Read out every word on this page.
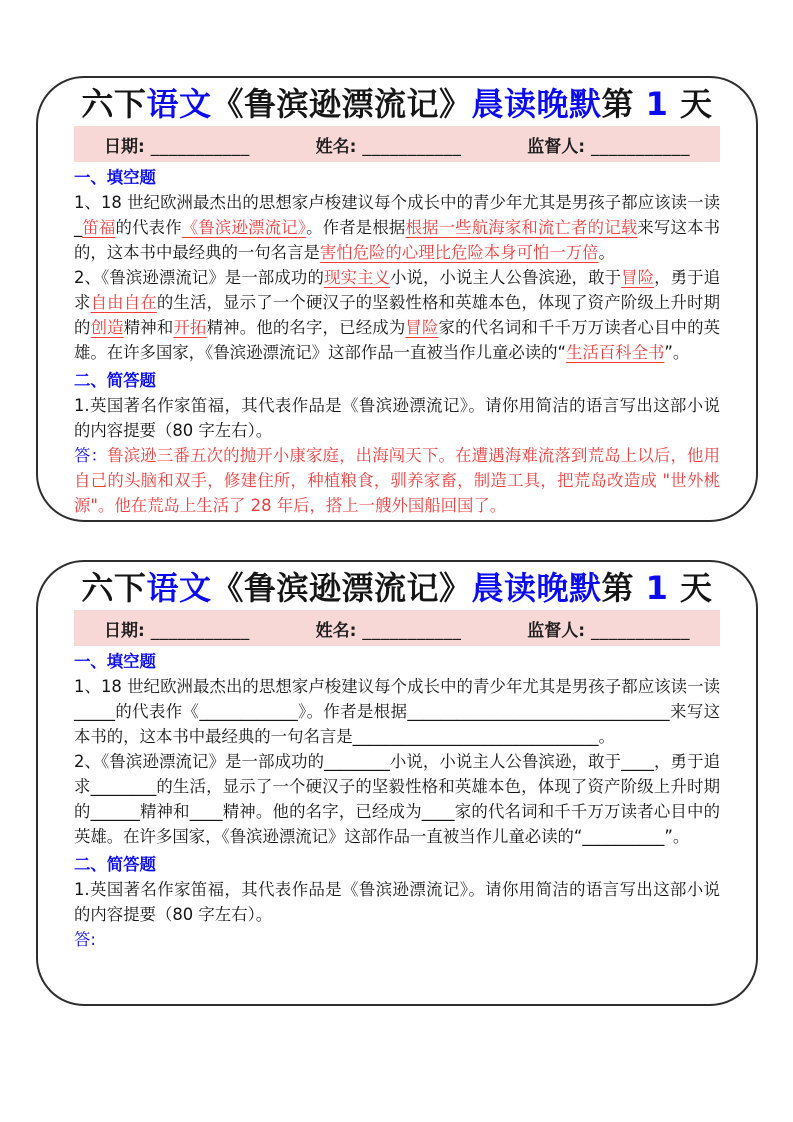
六下语文《鲁滨逊漂流记》晨读晚默第 1 天
日期: ___________	姓名: ___________	监督人: ___________
一、填空题

1、18 世纪欧洲最杰出的思想家卢梭建议每个成长中的青少年尤其是男孩子都应该读一读_笛福的代表作《鲁滨逊漂流记》。作者是根据根据一些航海家和流亡者的记载来写这本书的，这本书中最经典的一句名言是害怕危险的心理比危险本身可怕一万倍。

2、《鲁滨逊漂流记》是一部成功的现实主义小说，小说主人公鲁滨逊，敢于冒险，勇于追求自由自在的生活，显示了一个硬汉子的坚毅性格和英雄本色，体现了资产阶级上升时期的创造精神和开拓精神。他的名字，已经成为冒险家的代名词和千千万万读者心目中的英雄。在许多国家，《鲁滨逊漂流记》这部作品一直被当作儿童必读的“生活百科全书”。

二、简答题

1.英国著名作家笛福，其代表作品是《鲁滨逊漂流记》。请你用简洁的语言写出这部小说的内容提要（80 字左右）。

答：鲁滨逊三番五次的抛开小康家庭，出海闯天下。在遭遇海难流落到荒岛上以后，他用自己的头脑和双手，修建住所，种植粮食，驯养家畜，制造工具，把荒岛改造成 "世外桃源"。他在荒岛上生活了 28 年后，搭上一艘外国船回国了。

六下语文《鲁滨逊漂流记》晨读晚默第 1 天
日期: ___________	姓名: ___________	监督人: ___________
一、填空题

1、18 世纪欧洲最杰出的思想家卢梭建议每个成长中的青少年尤其是男孩子都应该读一读_____的代表作《____________》。作者是根据________________________________来写这本书的，这本书中最经典的一句名言是______________________________。

2、《鲁滨逊漂流记》是一部成功的________小说，小说主人公鲁滨逊，敢于____，勇于追求________的生活，显示了一个硬汉子的坚毅性格和英雄本色，体现了资产阶级上升时期的______精神和____精神。他的名字，已经成为____家的代名词和千千万万读者心目中的英雄。在许多国家，《鲁滨逊漂流记》这部作品一直被当作儿童必读的“__________”。

二、简答题

1.英国著名作家笛福，其代表作品是《鲁滨逊漂流记》。请你用简洁的语言写出这部小说的内容提要（80 字左右）。

答:
